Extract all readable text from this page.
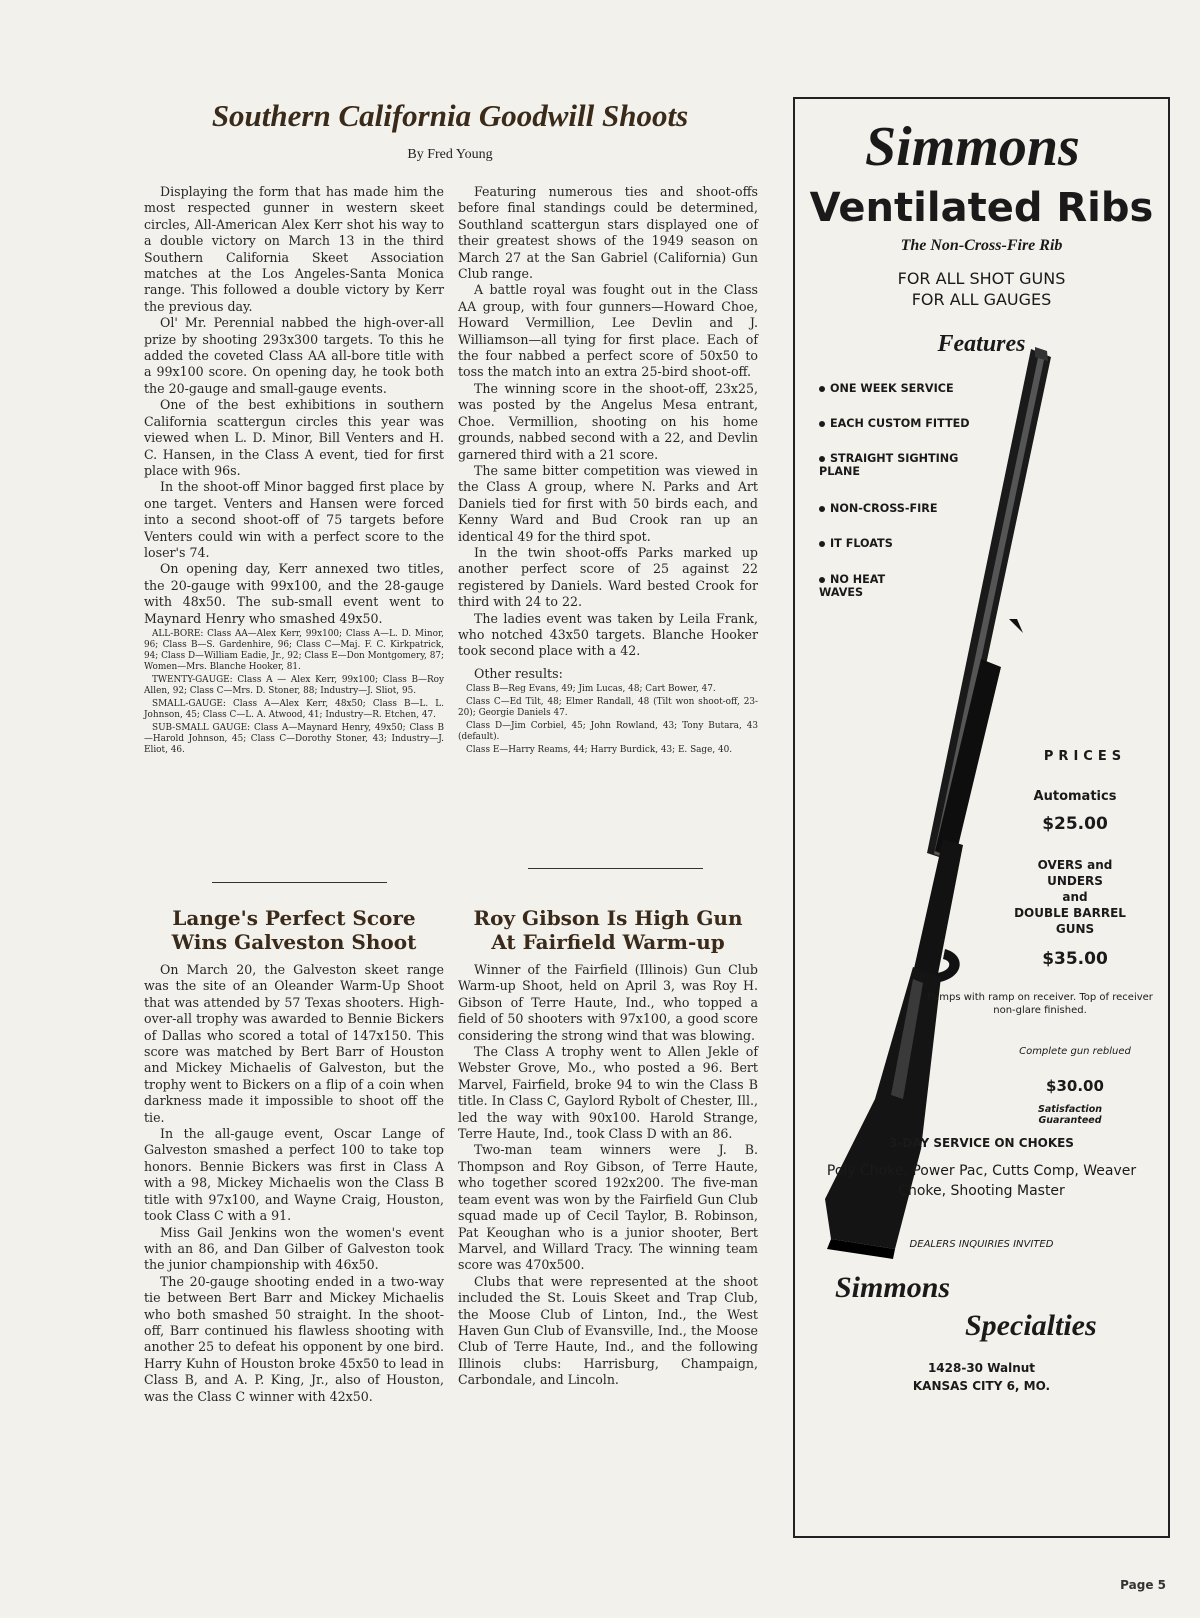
Southern California Goodwill Shoots
By Fred Young

Displaying the form that has made him the most respected gunner in western skeet circles, All-American Alex Kerr shot his way to a double victory on March 13 in the third Southern California Skeet Association matches at the Los Angeles-Santa Monica range. This followed a double victory by Kerr the previous day.

Ol' Mr. Perennial nabbed the high-over-all prize by shooting 293x300 targets. To this he added the coveted Class AA all-bore title with a 99x100 score. On opening day, he took both the 20-gauge and small-gauge events.

One of the best exhibitions in southern California scattergun circles this year was viewed when L. D. Minor, Bill Venters and H. C. Hansen, in the Class A event, tied for first place with 96s.

In the shoot-off Minor bagged first place by one target. Venters and Hansen were forced into a second shoot-off of 75 targets before Venters could win with a perfect score to the loser's 74.

On opening day, Kerr annexed two titles, the 20-gauge with 99x100, and the 28-gauge with 48x50. The sub-small event went to Maynard Henry who smashed 49x50.

ALL-BORE: Class AA—Alex Kerr, 99x100; Class A—L. D. Minor, 96; Class B—S. Gardenhire, 96; Class C—Maj. F. C. Kirkpatrick, 94; Class D—William Eadie, Jr., 92; Class E—Don Montgomery, 87; Women—Mrs. Blanche Hooker, 81.

TWENTY-GAUGE: Class A — Alex Kerr, 99x100; Class B—Roy Allen, 92; Class C—Mrs. D. Stoner, 88; Industry—J. Sliot, 95.

SMALL-GAUGE: Class A—Alex Kerr, 48x50; Class B—L. L. Johnson, 45; Class C—L. A. Atwood, 41; Industry—R. Etchen, 47.

SUB-SMALL GAUGE: Class A—Maynard Henry, 49x50; Class B—Harold Johnson, 45; Class C—Dorothy Stoner, 43; Industry—J. Eliot, 46.

Lange's Perfect Score Wins Galveston Shoot

On March 20, the Galveston skeet range was the site of an Oleander Warm-Up Shoot that was attended by 57 Texas shooters. High-over-all trophy was awarded to Bennie Bickers of Dallas who scored a total of 147x150. This score was matched by Bert Barr of Houston and Mickey Michaelis of Galveston, but the trophy went to Bickers on a flip of a coin when darkness made it impossible to shoot off the tie.

In the all-gauge event, Oscar Lange of Galveston smashed a perfect 100 to take top honors. Bennie Bickers was first in Class A with a 98, Mickey Michaelis won the Class B title with 97x100, and Wayne Craig, Houston, took Class C with a 91.

Miss Gail Jenkins won the women's event with an 86, and Dan Gilber of Galveston took the junior championship with 46x50.

The 20-gauge shooting ended in a two-way tie between Bert Barr and Mickey Michaelis who both smashed 50 straight. In the shoot-off, Barr continued his flawless shooting with another 25 to defeat his opponent by one bird. Harry Kuhn of Houston broke 45x50 to lead in Class B, and A. P. King, Jr., also of Houston, was the Class C winner with 42x50.

Featuring numerous ties and shoot-offs before final standings could be determined, Southland scattergun stars displayed one of their greatest shows of the 1949 season on March 27 at the San Gabriel (California) Gun Club range.

A battle royal was fought out in the Class AA group, with four gunners—Howard Choe, Howard Vermillion, Lee Devlin and J. Williamson—all tying for first place. Each of the four nabbed a perfect score of 50x50 to toss the match into an extra 25-bird shoot-off.

The winning score in the shoot-off, 23x25, was posted by the Angelus Mesa entrant, Choe. Vermillion, shooting on his home grounds, nabbed second with a 22, and Devlin garnered third with a 21 score.

The same bitter competition was viewed in the Class A group, where N. Parks and Art Daniels tied for first with 50 birds each, and Kenny Ward and Bud Crook ran up an identical 49 for the third spot.

In the twin shoot-offs Parks marked up another perfect score of 25 against 22 registered by Daniels. Ward bested Crook for third with 24 to 22.

The ladies event was taken by Leila Frank, who notched 43x50 targets. Blanche Hooker took second place with a 42.

Other results:

Class B—Reg Evans, 49; Jim Lucas, 48; Cart Bower, 47.

Class C—Ed Tilt, 48; Elmer Randall, 48 (Tilt won shoot-off, 23-20); Georgie Daniels 47.

Class D—Jim Corbiel, 45; John Rowland, 43; Tony Butara, 43 (default).

Class E—Harry Reams, 44; Harry Burdick, 43; E. Sage, 40.

Roy Gibson Is High Gun At Fairfield Warm-up

Winner of the Fairfield (Illinois) Gun Club Warm-up Shoot, held on April 3, was Roy H. Gibson of Terre Haute, Ind., who topped a field of 50 shooters with 97x100, a good score considering the strong wind that was blowing.

The Class A trophy went to Allen Jekle of Webster Grove, Mo., who posted a 96. Bert Marvel, Fairfield, broke 94 to win the Class B title. In Class C, Gaylord Rybolt of Chester, Ill., led the way with 90x100. Harold Strange, Terre Haute, Ind., took Class D with an 86.

Two-man team winners were J. B. Thompson and Roy Gibson, of Terre Haute, who together scored 192x200. The five-man team event was won by the Fairfield Gun Club squad made up of Cecil Taylor, B. Robinson, Pat Keoughan who is a junior shooter, Bert Marvel, and Willard Tracy. The winning team score was 470x500.

Clubs that were represented at the shoot included the St. Louis Skeet and Trap Club, the Moose Club of Linton, Ind., the West Haven Gun Club of Evansville, Ind., the Moose Club of Terre Haute, Ind., and the following Illinois clubs: Harrisburg, Champaign, Carbondale, and Lincoln.

Simmons
Ventilated Ribs
The Non-Cross-Fire Rib
FOR ALL SHOT GUNS
FOR ALL GAUGES
Features
ONE WEEK SERVICE
EACH CUSTOM FITTED
STRAIGHT SIGHTING PLANE
NON-CROSS-FIRE
IT FLOATS
NO HEAT WAVES
PRICES
Automatics
$25.00
OVERS and
UNDERS
and
DOUBLE BARREL
GUNS
$35.00
Pumps with ramp on receiver. Top of receiver non-glare finished.
Complete gun reblued
$30.00
Satisfaction Guaranteed
3-DAY SERVICE ON CHOKES
Poly Choke, Power Pac, Cutts Comp, Weaver Choke, Shooting Master
DEALERS INQUIRIES INVITED
Simmons
Specialties
1428-30 Walnut
KANSAS CITY 6, MO.
Page 5
